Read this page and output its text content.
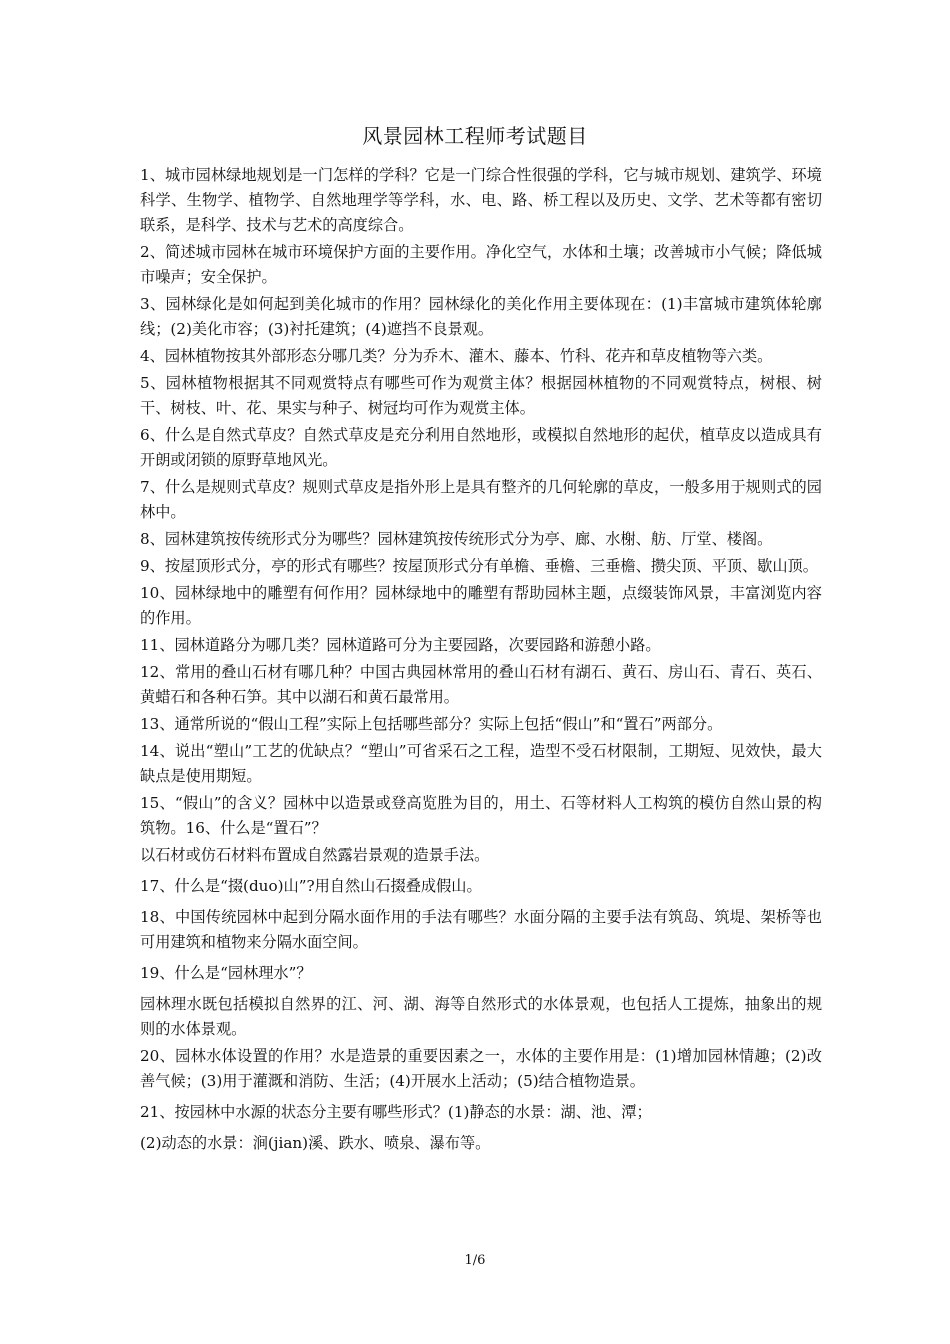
风景园林工程师考试题目

1、城市园林绿地规划是一门怎样的学科？它是一门综合性很强的学科，它与城市规划、建筑学、环境科学、生物学、植物学、自然地理学等学科，水、电、路、桥工程以及历史、文学、艺术等都有密切联系，是科学、技术与艺术的高度综合。

2、简述城市园林在城市环境保护方面的主要作用。净化空气，水体和土壤；改善城市小气候；降低城市噪声；安全保护。

3、园林绿化是如何起到美化城市的作用？园林绿化的美化作用主要体现在：(1)丰富城市建筑体轮廓线；(2)美化市容；(3)衬托建筑；(4)遮挡不良景观。

4、园林植物按其外部形态分哪几类？分为乔木、灌木、藤本、竹科、花卉和草皮植物等六类。

5、园林植物根据其不同观赏特点有哪些可作为观赏主体？根据园林植物的不同观赏特点，树根、树干、树枝、叶、花、果实与种子、树冠均可作为观赏主体。

6、什么是自然式草皮？自然式草皮是充分利用自然地形，或模拟自然地形的起伏，植草皮以造成具有开朗或闭锁的原野草地风光。

7、什么是规则式草皮？规则式草皮是指外形上是具有整齐的几何轮廓的草皮，一般多用于规则式的园林中。

8、园林建筑按传统形式分为哪些？园林建筑按传统形式分为亭、廊、水榭、舫、厅堂、楼阁。

9、按屋顶形式分，亭的形式有哪些？按屋顶形式分有单檐、垂檐、三垂檐、攒尖顶、平顶、歇山顶。

10、园林绿地中的雕塑有何作用？园林绿地中的雕塑有帮助园林主题，点缀装饰风景，丰富浏览内容的作用。

11、园林道路分为哪几类？园林道路可分为主要园路，次要园路和游憩小路。

12、常用的叠山石材有哪几种？中国古典园林常用的叠山石材有湖石、黄石、房山石、青石、英石、黄蜡石和各种石笋。其中以湖石和黄石最常用。

13、通常所说的“假山工程”实际上包括哪些部分？实际上包括“假山”和“置石”两部分。

14、说出“塑山”工艺的优缺点？“塑山”可省采石之工程，造型不受石材限制，工期短、见效快，最大缺点是使用期短。

15、“假山”的含义？园林中以造景或登高览胜为目的，用土、石等材料人工构筑的模仿自然山景的构筑物。16、什么是“置石”？

以石材或仿石材料布置成自然露岩景观的造景手法。

17、什么是“掇(duo)山”?用自然山石掇叠成假山。

18、中国传统园林中起到分隔水面作用的手法有哪些？水面分隔的主要手法有筑岛、筑堤、架桥等也可用建筑和植物来分隔水面空间。

19、什么是“园林理水”？

园林理水既包括模拟自然界的江、河、湖、海等自然形式的水体景观，也包括人工提炼，抽象出的规则的水体景观。

20、园林水体设置的作用？水是造景的重要因素之一，水体的主要作用是：(1)增加园林情趣；(2)改善气候；(3)用于灌溉和消防、生活；(4)开展水上活动；(5)结合植物造景。

21、按园林中水源的状态分主要有哪些形式？(1)静态的水景：湖、池、潭；

(2)动态的水景：涧(jian)溪、跌水、喷泉、瀑布等。

1/6
